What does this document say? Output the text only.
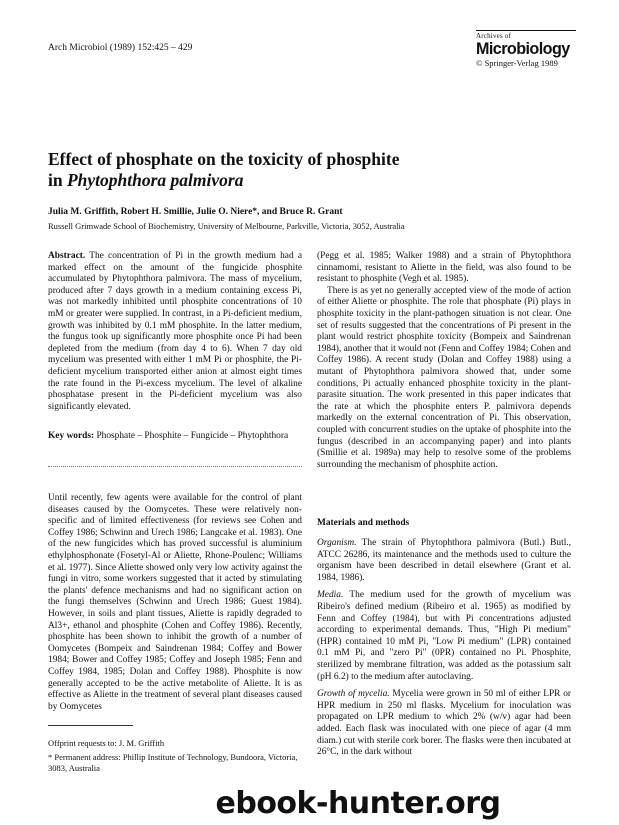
Arch Microbiol (1989) 152:425 – 429
Archives of
Microbiology
© Springer-Verlag 1989
Effect of phosphate on the toxicity of phosphite
in Phytophthora palmivora
Julia M. Griffith, Robert H. Smillie, Julie O. Niere*, and Bruce R. Grant
Russell Grimwade School of Biochemistry, University of Melbourne, Parkville, Victoria, 3052, Australia

Abstract. The concentration of Pi in the growth medium had a marked effect on the amount of the fungicide phosphite accumulated by Phytophthora palmivora. The mass of mycelium, produced after 7 days growth in a medium containing excess Pi, was not markedly inhibited until phosphite concentrations of 10 mM or greater were supplied. In contrast, in a Pi-deficient medium, growth was inhibited by 0.1 mM phosphite. In the latter medium, the fungus took up significantly more phosphite once Pi had been depleted from the medium (from day 4 to 6). When 7 day old mycelium was presented with either 1 mM Pi or phosphite, the Pi-deficient mycelium transported either anion at almost eight times the rate found in the Pi-excess mycelium. The level of alkaline phosphatase present in the Pi-deficient mycelium was also significantly elevated.

Key words: Phosphate – Phosphite – Fungicide – Phytophthora

Until recently, few agents were available for the control of plant diseases caused by the Oomycetes. These were relatively non-specific and of limited effectiveness (for reviews see Cohen and Coffey 1986; Schwinn and Urech 1986; Langcake et al. 1983). One of the new fungicides which has proved successful is aluminium ethylphosphonate (Fosetyl-Al or Aliette, Rhone-Poulenc; Williams et al. 1977). Since Aliette showed only very low activity against the fungi in vitro, some workers suggested that it acted by stimulating the plants' defence mechanisms and had no significant action on the fungi themselves (Schwinn and Urech 1986; Guest 1984). However, in soils and plant tissues, Aliette is rapidly degraded to Al3+, ethanol and phosphite (Cohen and Coffey 1986). Recently, phosphite has been shown to inhibit the growth of a number of Oomycetes (Bompeix and Saindrenan 1984; Coffey and Bower 1984; Bower and Coffey 1985; Coffey and Joseph 1985; Fenn and Coffey 1984, 1985; Dolan and Coffey 1988). Phosphite is now generally accepted to be the active metabolite of Aliette. It is as effective as Aliette in the treatment of several plant diseases caused by Oomycetes

Offprint requests to: J. M. Griffith

* Permanent address: Phillip Institute of Technology, Bundoora, Victoria, 3083, Australia

(Pegg et al. 1985; Walker 1988) and a strain of Phytophthora cinnamomi, resistant to Aliette in the field, was also found to be resistant to phosphite (Vegh et al. 1985).

There is as yet no generally accepted view of the mode of action of either Aliette or phosphite. The role that phosphate (Pi) plays in phosphite toxicity in the plant-pathogen situation is not clear. One set of results suggested that the concentrations of Pi present in the plant would restrict phosphite toxicity (Bompeix and Saindrenan 1984), another that it would not (Fenn and Coffey 1984; Cohen and Coffey 1986). A recent study (Dolan and Coffey 1988) using a mutant of Phytophthora palmivora showed that, under some conditions, Pi actually enhanced phosphite toxicity in the plant-parasite situation. The work presented in this paper indicates that the rate at which the phosphite enters P. palmivora depends markedly on the external concentration of Pi. This observation, coupled with concurrent studies on the uptake of phosphite into the fungus (described in an accompanying paper) and into plants (Smillie et al. 1989a) may help to resolve some of the problems surrounding the mechanism of phosphite action.

Materials and methods

Organism. The strain of Phytophthora palmivora (Butl.) Butl., ATCC 26286, its maintenance and the methods used to culture the organism have been described in detail elsewhere (Grant et al. 1984, 1986).

Media. The medium used for the growth of mycelium was Ribeiro's defined medium (Ribeiro et al. 1965) as modified by Fenn and Coffey (1984), but with Pi concentrations adjusted according to experimental demands. Thus, "High Pi medium" (HPR) contained 10 mM Pi, "Low Pi medium" (LPR) contained 0.1 mM Pi, and "zero Pi" (0PR) contained no Pi. Phosphite, sterilized by membrane filtration, was added as the potassium salt (pH 6.2) to the medium after autoclaving.

Growth of mycelia. Mycelia were grown in 50 ml of either LPR or HPR medium in 250 ml flasks. Mycelium for inoculation was propagated on LPR medium to which 2% (w/v) agar had been added. Each flask was inoculated with one piece of agar (4 mm diam.) cut with sterile cork borer. The flasks were then incubated at 26°C, in the dark without

ebook-hunter.org
